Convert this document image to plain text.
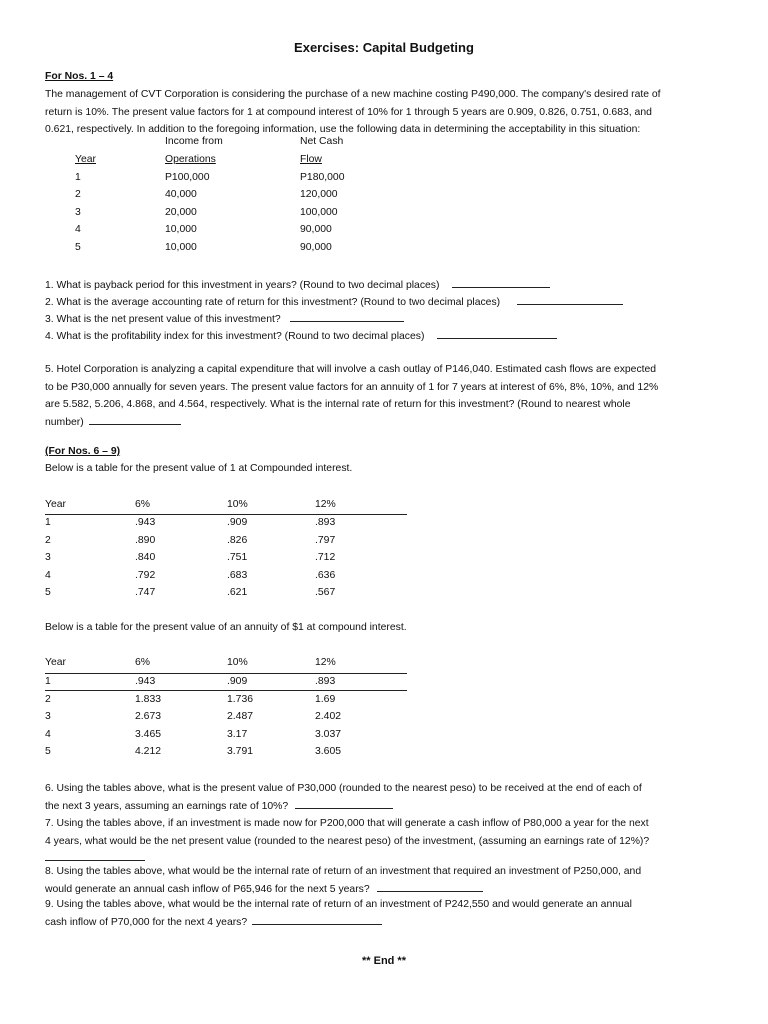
Exercises: Capital Budgeting
For Nos. 1 – 4
The management of CVT Corporation is considering the purchase of a new machine costing P490,000. The company's desired rate of
return is 10%. The present value factors for 1 at compound interest of 10% for 1 through 5 years are 0.909, 0.826, 0.751, 0.683, and
0.621, respectively. In addition to the foregoing information, use the following data in determining the acceptability in this situation:
Income from	Net Cash
Year	Operations	Flow
1	P100,000	P180,000
2	40,000	120,000
3	20,000	100,000
4	10,000	90,000
5	10,000	90,000
1. What is payback period for this investment in years? (Round to two decimal places)
2. What is the average accounting rate of return for this investment? (Round to two decimal places)
3. What is the net present value of this investment?
4. What is the profitability index for this investment? (Round to two decimal places)
5. Hotel Corporation is analyzing a capital expenditure that will involve a cash outlay of P146,040. Estimated cash flows are expected
to be P30,000 annually for seven years. The present value factors for an annuity of 1 for 7 years at interest of 6%, 8%, 10%, and 12%
are 5.582, 5.206, 4.868, and 4.564, respectively. What is the internal rate of return for this investment? (Round to nearest whole
number)
(For Nos. 6 – 9)
Below is a table for the present value of 1 at Compounded interest.
Year	6%	10%	12%
1	.943	.909	.893
2	.890	.826	.797
3	.840	.751	.712
4	.792	.683	.636
5	.747	.621	.567
Below is a table for the present value of an annuity of $1 at compound interest.
Year	6%	10%	12%
1	.943	.909	.893
2	1.833	1.736	1.69
3	2.673	2.487	2.402
4	3.465	3.17	3.037
5	4.212	3.791	3.605
6. Using the tables above, what is the present value of P30,000 (rounded to the nearest peso) to be received at the end of each of
the next 3 years, assuming an earnings rate of 10%?
7. Using the tables above, if an investment is made now for P200,000 that will generate a cash inflow of P80,000 a year for the next
4 years, what would be the net present value (rounded to the nearest peso) of the investment, (assuming an earnings rate of 12%)?
8. Using the tables above, what would be the internal rate of return of an investment that required an investment of P250,000, and
would generate an annual cash inflow of P65,946 for the next 5 years?
9. Using the tables above, what would be the internal rate of return of an investment of P242,550 and would generate an annual
cash inflow of P70,000 for the next 4 years?
** End **
